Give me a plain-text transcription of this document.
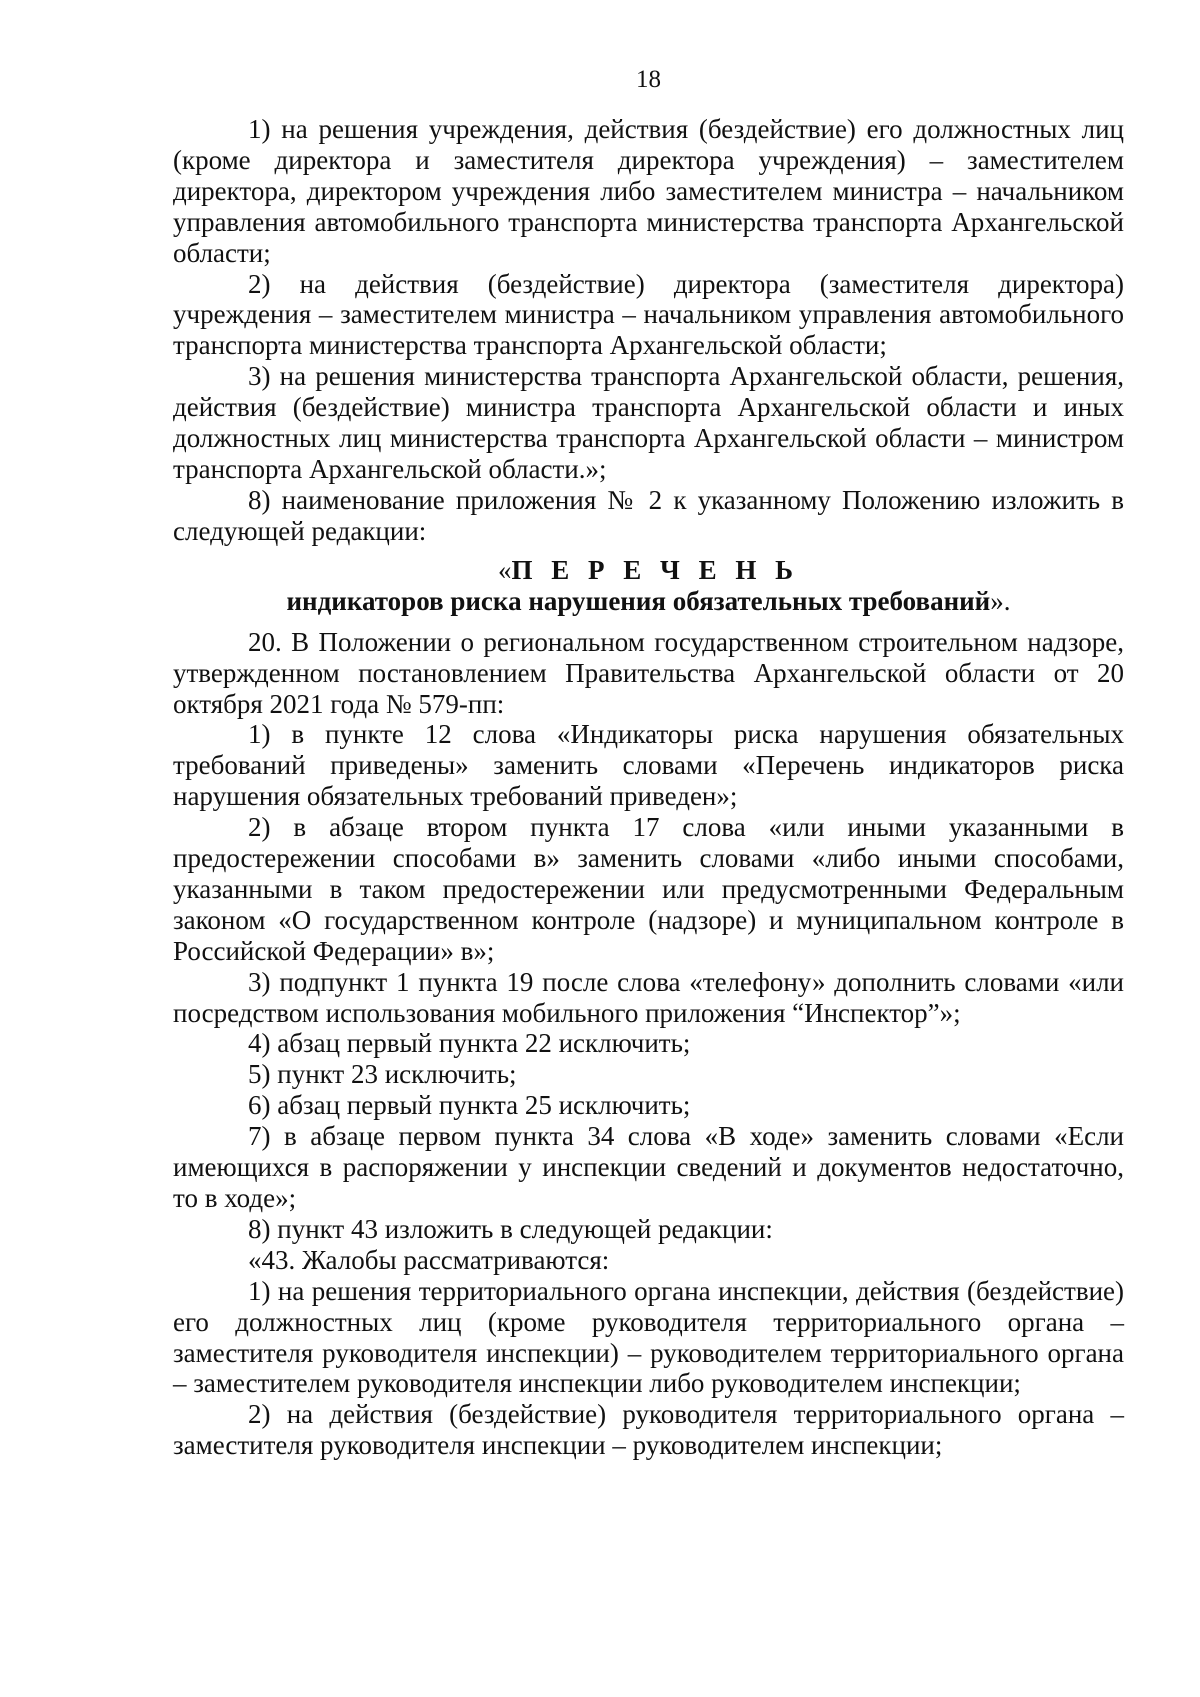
18

1) на решения учреждения, действия (бездействие) его должностных лиц (кроме директора и заместителя директора учреждения) – заместителем директора, директором учреждения либо заместителем министра – начальником управления автомобильного транспорта министерства транспорта Архангельской области;

2) на действия (бездействие) директора (заместителя директора) учреждения – заместителем министра – начальником управления автомобильного транспорта министерства транспорта Архангельской области;

3) на решения министерства транспорта Архангельской области, решения, действия (бездействие) министра транспорта Архангельской области и иных должностных лиц министерства транспорта Архангельской области – министром транспорта Архангельской области.»;

8) наименование приложения № 2 к указанному Положению изложить в следующей редакции:

«П Е Р Е Ч Е Н Ь

индикаторов риска нарушения обязательных требований».

20. В Положении о региональном государственном строительном надзоре, утвержденном постановлением Правительства Архангельской области от 20 октября 2021 года № 579-пп:

1) в пункте 12 слова «Индикаторы риска нарушения обязательных требований приведены» заменить словами «Перечень индикаторов риска нарушения обязательных требований приведен»;

2) в абзаце втором пункта 17 слова «или иными указанными в предостережении способами в» заменить словами «либо иными способами, указанными в таком предостережении или предусмотренными Федеральным законом «О государственном контроле (надзоре) и муниципальном контроле в Российской Федерации» в»;

3) подпункт 1 пункта 19 после слова «телефону» дополнить словами «или посредством использования мобильного приложения “Инспектор”»;

4) абзац первый пункта 22 исключить;

5) пункт 23 исключить;

6) абзац первый пункта 25 исключить;

7) в абзаце первом пункта 34 слова «В ходе» заменить словами «Если имеющихся в распоряжении у инспекции сведений и документов недостаточно, то в ходе»;

8) пункт 43 изложить в следующей редакции:

«43. Жалобы рассматриваются:

1) на решения территориального органа инспекции, действия (бездействие) его должностных лиц (кроме руководителя территориального органа – заместителя руководителя инспекции) – руководителем территориального органа – заместителем руководителя инспекции либо руководителем инспекции;

2) на действия (бездействие) руководителя территориального органа – заместителя руководителя инспекции – руководителем инспекции;
